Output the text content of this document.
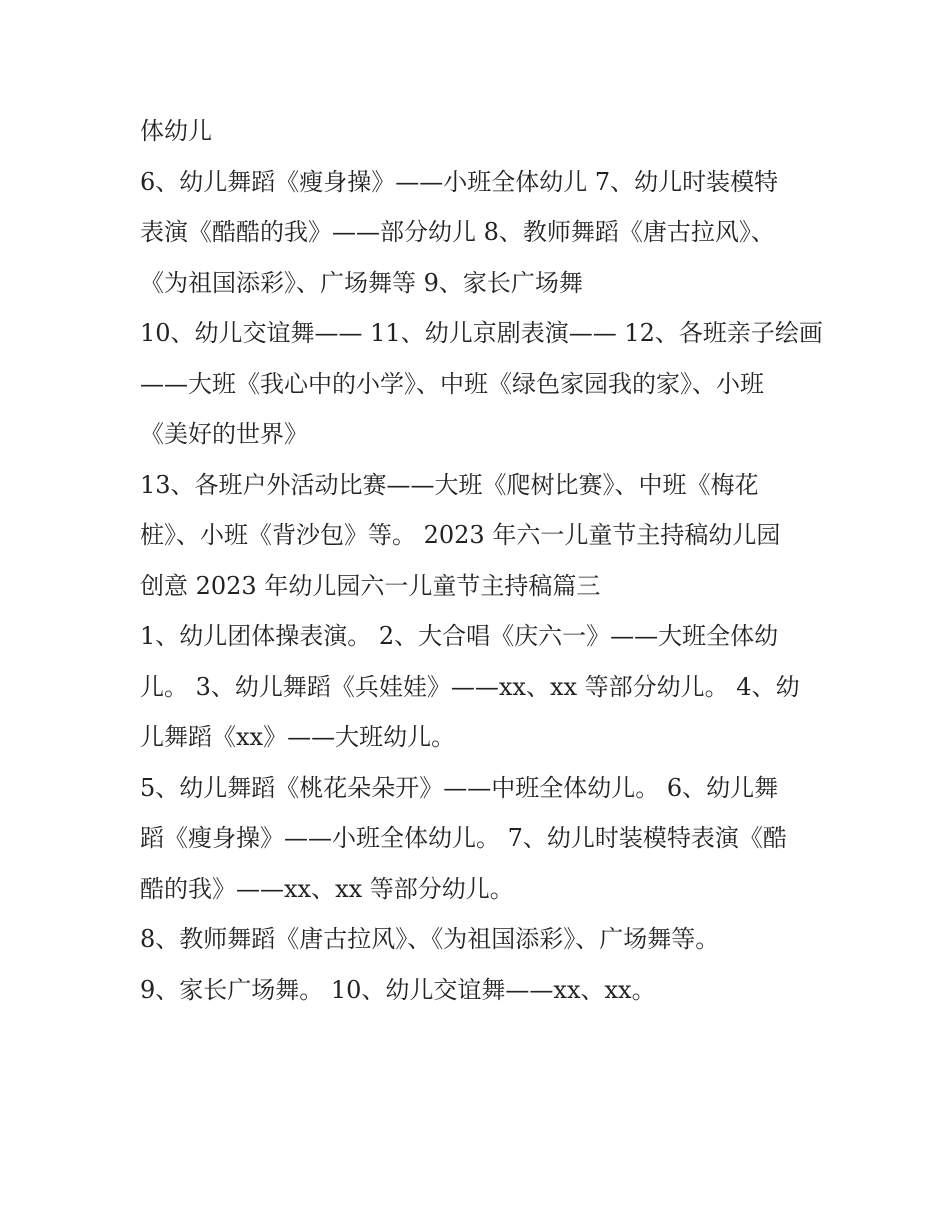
体幼儿
6、幼儿舞蹈《瘦身操》——小班全体幼儿 7、幼儿时装模特
表演《酷酷的我》——部分幼儿 8、教师舞蹈《唐古拉风》、
《为祖国添彩》、广场舞等 9、家长广场舞
10、幼儿交谊舞—— 11、幼儿京剧表演—— 12、各班亲子绘画
——大班《我心中的小学》、中班《绿色家园我的家》、小班
《美好的世界》
13、各班户外活动比赛——大班《爬树比赛》、中班《梅花
桩》、小班《背沙包》等。 2023 年六一儿童节主持稿幼儿园
创意 2023 年幼儿园六一儿童节主持稿篇三
1、幼儿团体操表演。 2、大合唱《庆六一》——大班全体幼
儿。 3、幼儿舞蹈《兵娃娃》——xx、xx 等部分幼儿。 4、幼
儿舞蹈《xx》——大班幼儿。
5、幼儿舞蹈《桃花朵朵开》——中班全体幼儿。 6、幼儿舞
蹈《瘦身操》——小班全体幼儿。 7、幼儿时装模特表演《酷
酷的我》——xx、xx 等部分幼儿。
8、教师舞蹈《唐古拉风》、《为祖国添彩》、广场舞等。
9、家长广场舞。 10、幼儿交谊舞——xx、xx。
